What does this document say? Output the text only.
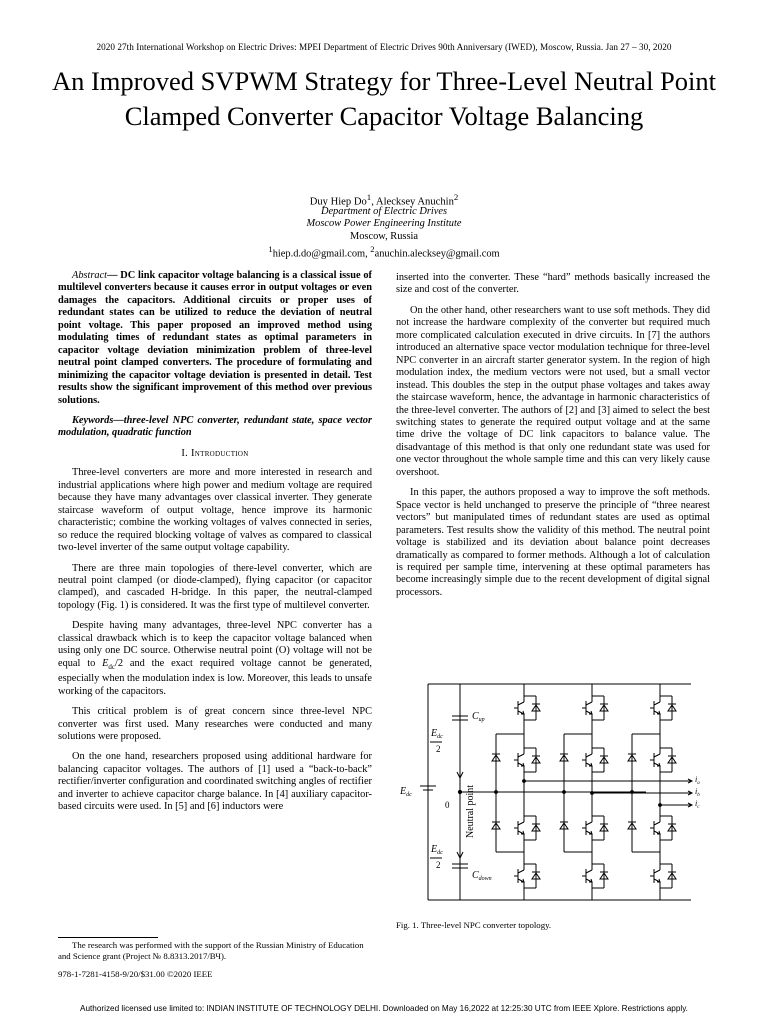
2020 27th International Workshop on Electric Drives: MPEI Department of Electric Drives 90th Anniversary (IWED), Moscow, Russia. Jan 27 – 30, 2020
An Improved SVPWM Strategy for Three-Level Neutral Point Clamped Converter Capacitor Voltage Balancing
Duy Hiep Do$^1$, Alecksey Anuchin$^2$
Department of Electric Drives
Moscow Power Engineering Institute
Moscow, Russia
$^1$hiep.d.do@gmail.com, $^2$anuchin.alecksey@gmail.com

Abstract— DC link capacitor voltage balancing is a classical issue of multilevel converters because it causes error in output voltages or even damages the capacitors. Additional circuits or proper uses of redundant states can be utilized to reduce the deviation of neutral point voltage. This paper proposed an improved method using modulating times of redundant states as optimal parameters in capacitor voltage deviation minimization problem of three-level neutral point clamped converters. The procedure of formulating and minimizing the capacitor voltage deviation is presented in detail. Test results show the significant improvement of this method over previous solutions.

Keywords—three-level NPC converter, redundant state, space vector modulation, quadratic function

I. Introduction

Three-level converters are more and more interested in research and industrial applications where high power and medium voltage are required because they have many advantages over classical inverter. They generate staircase waveform of output voltage, hence improve its harmonic characteristic; combine the working voltages of valves connected in series, so reduce the required blocking voltage of valves as compared to classical two-level inverter of the same output voltage capability.

There are three main topologies of there-level converter, which are neutral point clamped (or diode-clamped), flying capacitor (or capacitor clamped), and cascaded H-bridge. In this paper, the neutral-clamped topology (Fig. 1) is considered. It was the first type of multilevel converter.

Despite having many advantages, three-level NPC converter has a classical drawback which is to keep the capacitor voltage balanced when using only one DC source. Otherwise neutral point (O) voltage will not be equal to $E_{dc}/2$ and the exact required voltage cannot be generated, especially when the modulation index is low. Moreover, this leads to unsafe working of the capacitors.

This critical problem is of great concern since three-level NPC converter was first used. Many researches were conducted and many solutions were proposed.

On the one hand, researchers proposed using additional hardware for balancing capacitor voltages. The authors of [1] used a “back-to-back” rectifier/inverter configuration and coordinated switching angles of rectifier and inverter to achieve capacitor charge balance. In [4] auxiliary capacitor-based circuits were used. In [5] and [6] inductors were

inserted into the converter. These “hard” methods basically increased the size and cost of the converter.

On the other hand, other researchers want to use soft methods. They did not increase the hardware complexity of the converter but required much more complicated calculation executed in drive circuits. In [7] the authors introduced an alternative space vector modulation technique for three-level NPC converter in an aircraft starter generator system. In the region of high modulation index, the medium vectors were not used, but a small vector instead. This doubles the step in the output phase voltages and takes away the staircase waveform, hence, the advantage in harmonic characteristics of the three-level converter. The authors of [2] and [3] aimed to select the best switching states to generate the required output voltage and at the same time drive the voltage of DC link capacitors to balance value. The disadvantage of this method is that only one redundant state was used for one vector throughout the whole sample time and this can very likely cause overshoot.

In this paper, the authors proposed a way to improve the soft methods. Space vector is held unchanged to preserve the principle of “three nearest vectors” but manipulated times of redundant states are used as optimal parameters. Test results show the validity of this method. The neutral point voltage is stabilized and its deviation about balance point decreases dramatically as compared to former methods. Although a lot of calculation is required per sample time, intervening at these optimal parameters has become increasingly simple due to the recent development of digital signal processors.

$C_{up}$
$E_{dc}$
2
$E_{dc}$
0
$E_{dc}$
2
$C_{down}$
Neutral point
$i_a$
$i_b$
$i_c$
Fig. 1. Three-level NPC converter topology.
The research was performed with the support of the Russian Ministry of Education and Science grant (Project № 8.8313.2017/ВЧ).
978-1-7281-4158-9/20/$31.00 ©2020 IEEE
Authorized licensed use limited to: INDIAN INSTITUTE OF TECHNOLOGY DELHI. Downloaded on May 16,2022 at 12:25:30 UTC from IEEE Xplore. Restrictions apply.
